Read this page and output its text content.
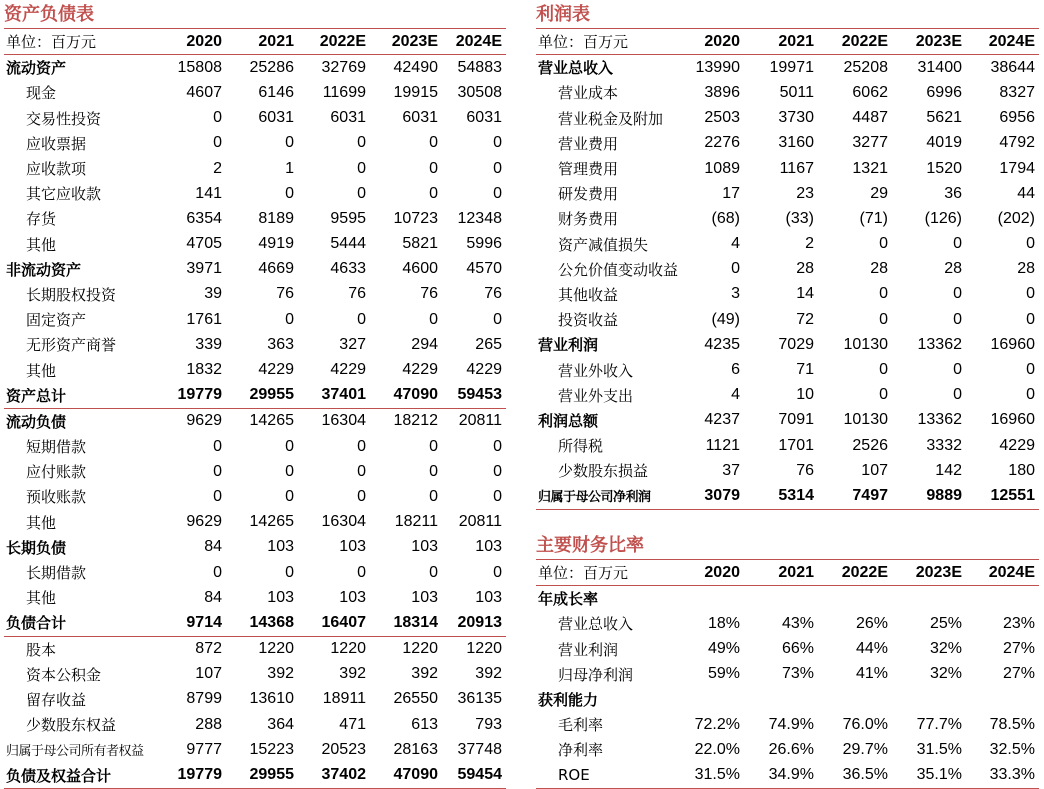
资产负债表
单位：百万元	2020	2021	2022E	2023E	2024E
流动资产	15808	25286	32769	42490	54883
现金	4607	6146	11699	19915	30508
交易性投资	0	6031	6031	6031	6031
应收票据	0	0	0	0	0
应收款项	2	1	0	0	0
其它应收款	141	0	0	0	0
存货	6354	8189	9595	10723	12348
其他	4705	4919	5444	5821	5996
非流动资产	3971	4669	4633	4600	4570
长期股权投资	39	76	76	76	76
固定资产	1761	0	0	0	0
无形资产商誉	339	363	327	294	265
其他	1832	4229	4229	4229	4229
资产总计	19779	29955	37401	47090	59453
流动负债	9629	14265	16304	18212	20811
短期借款	0	0	0	0	0
应付账款	0	0	0	0	0
预收账款	0	0	0	0	0
其他	9629	14265	16304	18211	20811
长期负债	84	103	103	103	103
长期借款	0	0	0	0	0
其他	84	103	103	103	103
负债合计	9714	14368	16407	18314	20913
股本	872	1220	1220	1220	1220
资本公积金	107	392	392	392	392
留存收益	8799	13610	18911	26550	36135
少数股东权益	288	364	471	613	793
归属于母公司所有者权益	9777	15223	20523	28163	37748
负债及权益合计	19779	29955	37402	47090	59454
利润表
单位：百万元	2020	2021	2022E	2023E	2024E
营业总收入	13990	19971	25208	31400	38644
营业成本	3896	5011	6062	6996	8327
营业税金及附加	2503	3730	4487	5621	6956
营业费用	2276	3160	3277	4019	4792
管理费用	1089	1167	1321	1520	1794
研发费用	17	23	29	36	44
财务费用	(68)	(33)	(71)	(126)	(202)
资产减值损失	4	2	0	0	0
公允价值变动收益	0	28	28	28	28
其他收益	3	14	0	0	0
投资收益	(49)	72	0	0	0
营业利润	4235	7029	10130	13362	16960
营业外收入	6	71	0	0	0
营业外支出	4	10	0	0	0
利润总额	4237	7091	10130	13362	16960
所得税	1121	1701	2526	3332	4229
少数股东损益	37	76	107	142	180
归属于母公司净利润	3079	5314	7497	9889	12551
主要财务比率
单位：百万元	2020	2021	2022E	2023E	2024E
年成长率					
营业总收入	18%	43%	26%	25%	23%
营业利润	49%	66%	44%	32%	27%
归母净利润	59%	73%	41%	32%	27%
获利能力					
毛利率	72.2%	74.9%	76.0%	77.7%	78.5%
净利率	22.0%	26.6%	29.7%	31.5%	32.5%
ROE	31.5%	34.9%	36.5%	35.1%	33.3%
